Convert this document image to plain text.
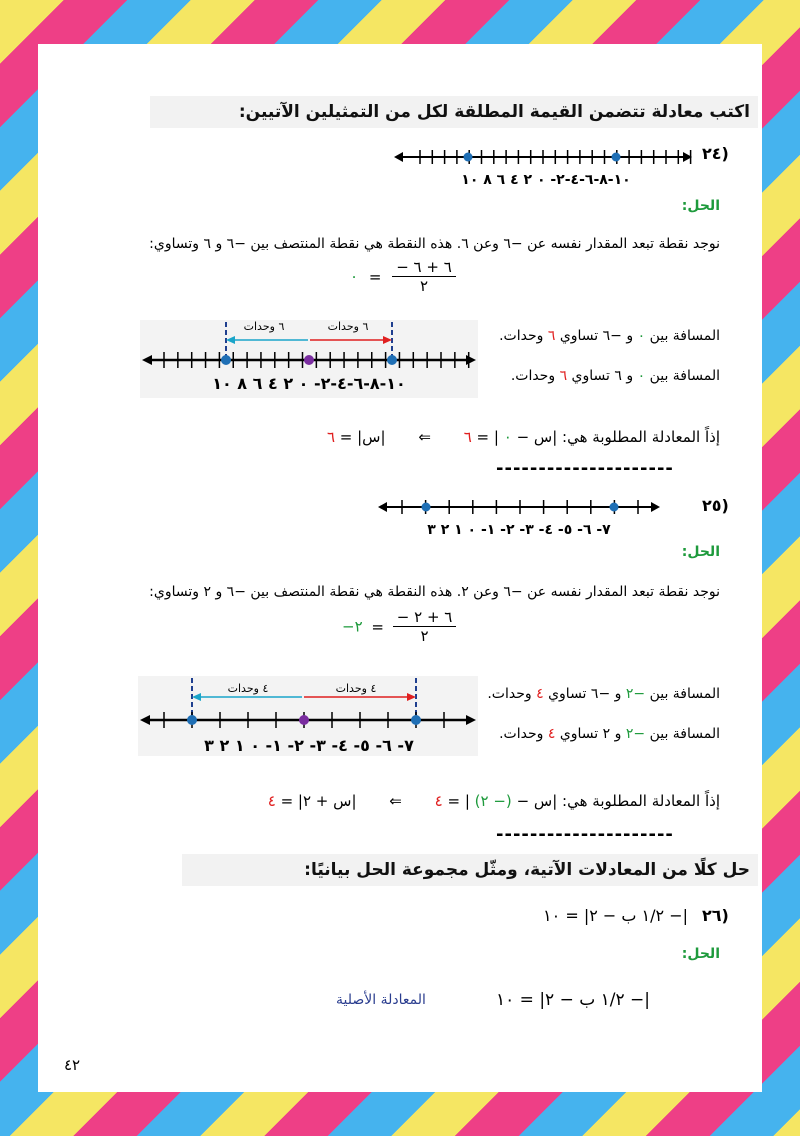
اكتب معادلة تتضمن القيمة المطلقة لكل من التمثيلين الآتيين:
٢٤)
١٠-٨-٦-٤-٢- ٠ ٢ ٤ ٦ ٨ ١٠
الحل:
نوجد نقطة تبعد المقدار نفسه عن −٦ وعن ٦. هذه النقطة هي نقطة المنتصف بين −٦ و ٦ وتساوي:
٠ = $\frac{- ٦ + ٦}{٢}$
٦ وحدات	٦ وحدات
١٠-٨-٦-٤-٢- ٠ ٢ ٤ ٦ ٨ ١٠
المسافة بين ٠ و −٦ تساوي ٦ وحدات.
المسافة بين ٠ و ٦ تساوي ٦ وحدات.
إذاً المعادلة المطلوبة هي: |س − ٠ | = ٦ ⇐ |س| = ٦
---------------------
٢٥)
٧- ٦- ٥- ٤- ٣- ٢- ١- ٠ ١ ٢ ٣
الحل:
نوجد نقطة تبعد المقدار نفسه عن −٦ وعن ٢. هذه النقطة هي نقطة المنتصف بين −٦ و ٢ وتساوي:
−٢ = $\frac{- ٦ + ٢}{٢}$
٤ وحدات	٤ وحدات
٧- ٦- ٥- ٤- ٣- ٢- ١- ٠ ١ ٢ ٣
المسافة بين −٢ و −٦ تساوي ٤ وحدات.
المسافة بين −٢ و ٢ تساوي ٤ وحدات.
إذاً المعادلة المطلوبة هي: |س − (− ٢) | = ٤ ⇐ |س + ٢| = ٤
---------------------
حل كلًا من المعادلات الآتية، ومثّل مجموعة الحل بيانيًا:
٢٦)
|− ١/٢ ب − ٢| = ١٠
الحل:
|− ١/٢ ب − ٢| = ١٠
المعادلة الأصلية
٤٢
